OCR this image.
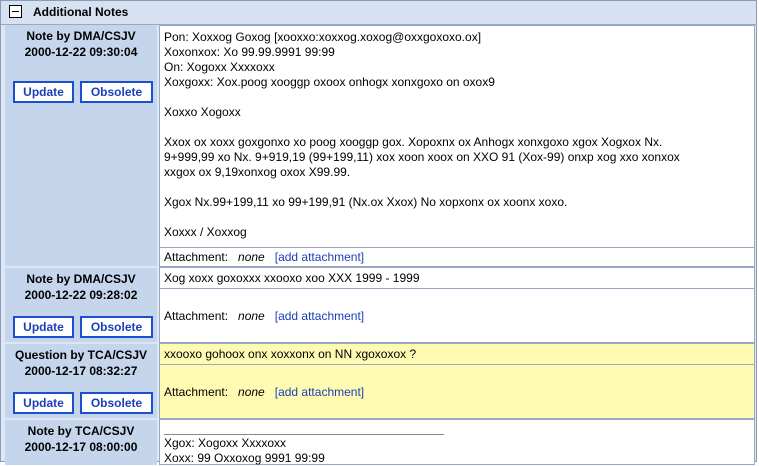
Additional Notes
Note by DMA/CSJV
2000-12-22 09:30:04
Update	Obsolete
Pon: Xoxxog Goxog [xooxxo:xoxxog.xoxog@oxxgoxoxo.ox]
Xoxonxox: Xo 99.99.9991 99:99
On: Xogoxx Xxxxoxx
Xoxgoxx: Xox.poog xooggp oxoox onhogx xonxgoxo on oxox9
Xoxxo Xogoxx
Xxox ox xoxx goxgonxo xo poog xooggp gox. Xopoxnx ox Anhogx xonxgoxo xgox Xogxox Nx.
9+999,99 xo Nx. 9+919,19 (99+199,11) xox xoon xoox on XXO 91 (Xox-99) onxp xog xxo xonxox
xxgox ox 9,19xonxog oxox X99.99.
Xgox Nx.99+199,11 xo 99+199,91 (Nx.ox Xxox) No xopxonx ox xoonx xoxo.
Xoxxx / Xoxxog
Attachment: none [add attachment]
Note by DMA/CSJV
2000-12-22 09:28:02
Update	Obsolete
Xog xoxx goxoxxx xxooxo xoo XXX 1999 - 1999
Attachment: none [add attachment]
Question by TCA/CSJV
2000-12-17 08:32:27
Update	Obsolete
xxooxo gohoox onx xoxxonx on NN xgoxoxox ?
Attachment: none [add attachment]
Note by TCA/CSJV
2000-12-17 08:00:00	Xgox: Xogoxx Xxxxoxx
Xoxx: 99 Oxxoxog 9991 99:99
